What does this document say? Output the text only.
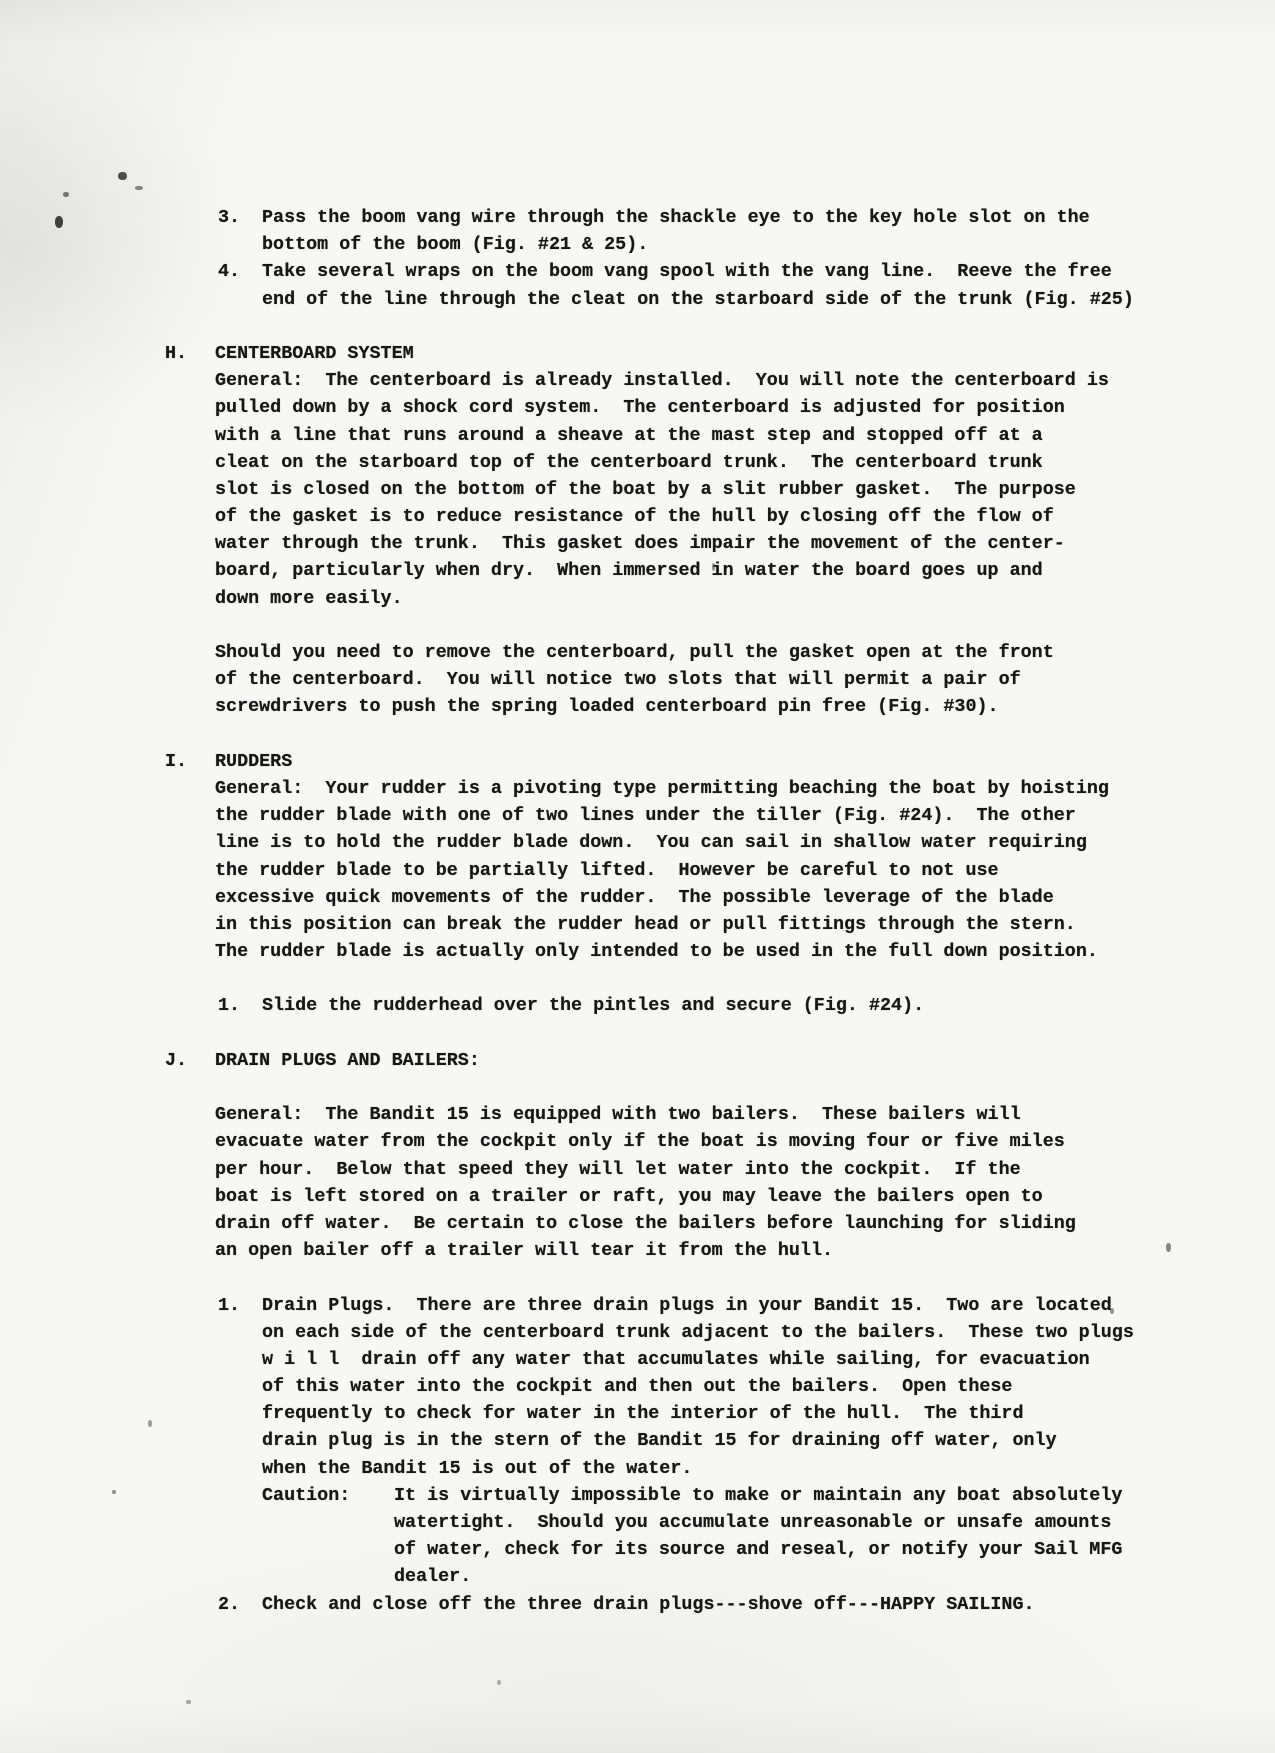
3. Pass the boom vang wire through the shackle eye to the key hole slot on the
bottom of the boom (Fig. #21 & 25).
4. Take several wraps on the boom vang spool with the vang line.  Reeve the free
end of the line through the cleat on the starboard side of the trunk (Fig. #25)
H. CENTERBOARD SYSTEM
General:  The centerboard is already installed.  You will note the centerboard is
pulled down by a shock cord system.  The centerboard is adjusted for position
with a line that runs around a sheave at the mast step and stopped off at a
cleat on the starboard top of the centerboard trunk.  The centerboard trunk
slot is closed on the bottom of the boat by a slit rubber gasket.  The purpose
of the gasket is to reduce resistance of the hull by closing off the flow of
water through the trunk.  This gasket does impair the movement of the center-
board, particularly when dry.  When immersed in water the board goes up and
down more easily.
Should you need to remove the centerboard, pull the gasket open at the front
of the centerboard.  You will notice two slots that will permit a pair of
screwdrivers to push the spring loaded centerboard pin free (Fig. #30).
I. RUDDERS
General:  Your rudder is a pivoting type permitting beaching the boat by hoisting
the rudder blade with one of two lines under the tiller (Fig. #24).  The other
line is to hold the rudder blade down.  You can sail in shallow water requiring
the rudder blade to be partially lifted.  However be careful to not use
excessive quick movements of the rudder.  The possible leverage of the blade
in this position can break the rudder head or pull fittings through the stern.
The rudder blade is actually only intended to be used in the full down position.
1. Slide the rudderhead over the pintles and secure (Fig. #24).
J. DRAIN PLUGS AND BAILERS:
General:  The Bandit 15 is equipped with two bailers.  These bailers will
evacuate water from the cockpit only if the boat is moving four or five miles
per hour.  Below that speed they will let water into the cockpit.  If the
boat is left stored on a trailer or raft, you may leave the bailers open to
drain off water.  Be certain to close the bailers before launching for sliding
an open bailer off a trailer will tear it from the hull.
1. Drain Plugs.  There are three drain plugs in your Bandit 15.  Two are located
on each side of the centerboard trunk adjacent to the bailers.  These two plugs
w i l l  drain off any water that accumulates while sailing, for evacuation
of this water into the cockpit and then out the bailers.  Open these
frequently to check for water in the interior of the hull.  The third
drain plug is in the stern of the Bandit 15 for draining off water, only
when the Bandit 15 is out of the water.
Caution: It is virtually impossible to make or maintain any boat absolutely
watertight.  Should you accumulate unreasonable or unsafe amounts
of water, check for its source and reseal, or notify your Sail MFG
dealer.
2. Check and close off the three drain plugs---shove off---HAPPY SAILING.
